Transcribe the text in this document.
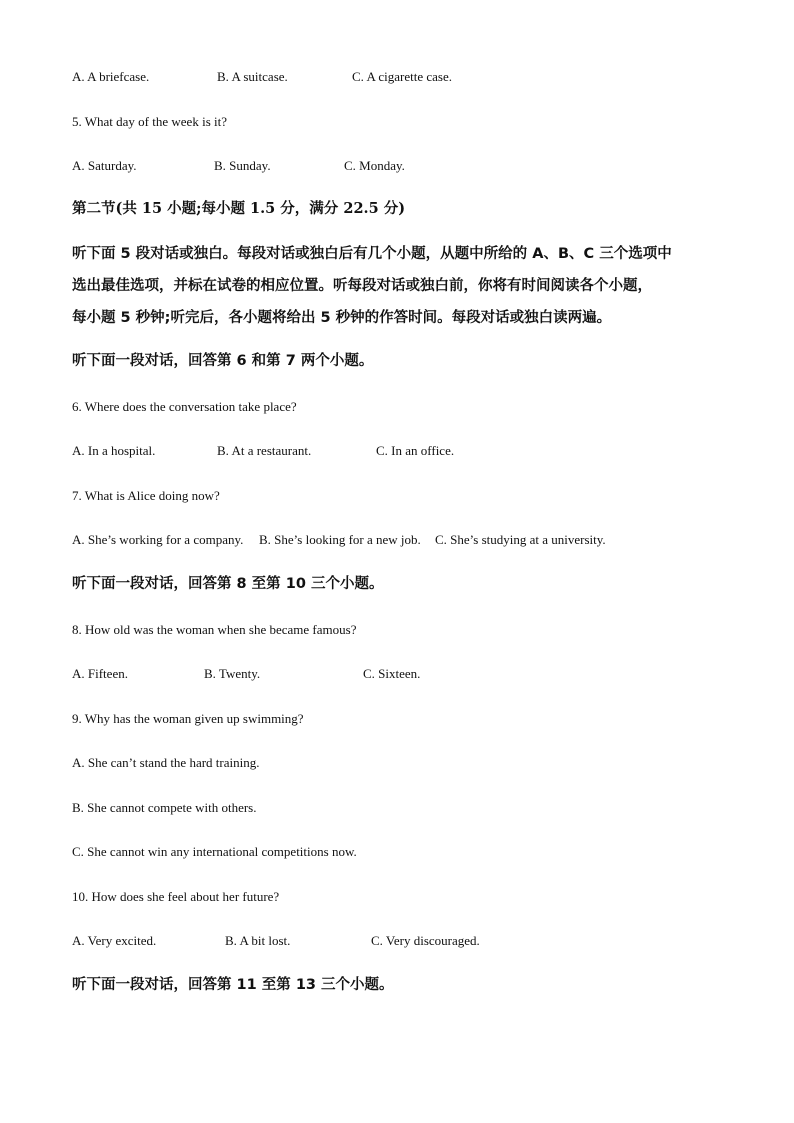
A. A briefcase.	B. A suitcase.	C. A cigarette case.
5. What day of the week is it?
A. Saturday.	B. Sunday.	C. Monday.
第二节(共 15 小题;每小题 1.5 分，满分 22.5 分)
听下面 5 段对话或独白。每段对话或独白后有几个小题，从题中所给的 A、B、C 三个选项中
选出最佳选项，并标在试卷的相应位置。听每段对话或独白前，你将有时间阅读各个小题，
每小题 5 秒钟;听完后，各小题将给出 5 秒钟的作答时间。每段对话或独白读两遍。
听下面一段对话，回答第 6 和第 7 两个小题。
6. Where does the conversation take place?
A. In a hospital.	B. At a restaurant.	C. In an office.
7. What is Alice doing now?
A. She’s working for a company. B. She’s looking for a new job. C. She’s studying at a university.
听下面一段对话，回答第 8 至第 10 三个小题。
8. How old was the woman when she became famous?
A. Fifteen.	B. Twenty.	C. Sixteen.
9. Why has the woman given up swimming?
A. She can’t stand the hard training.
B. She cannot compete with others.
C. She cannot win any international competitions now.
10. How does she feel about her future?
A. Very excited.	B. A bit lost.	C. Very discouraged.
听下面一段对话，回答第 11 至第 13 三个小题。
